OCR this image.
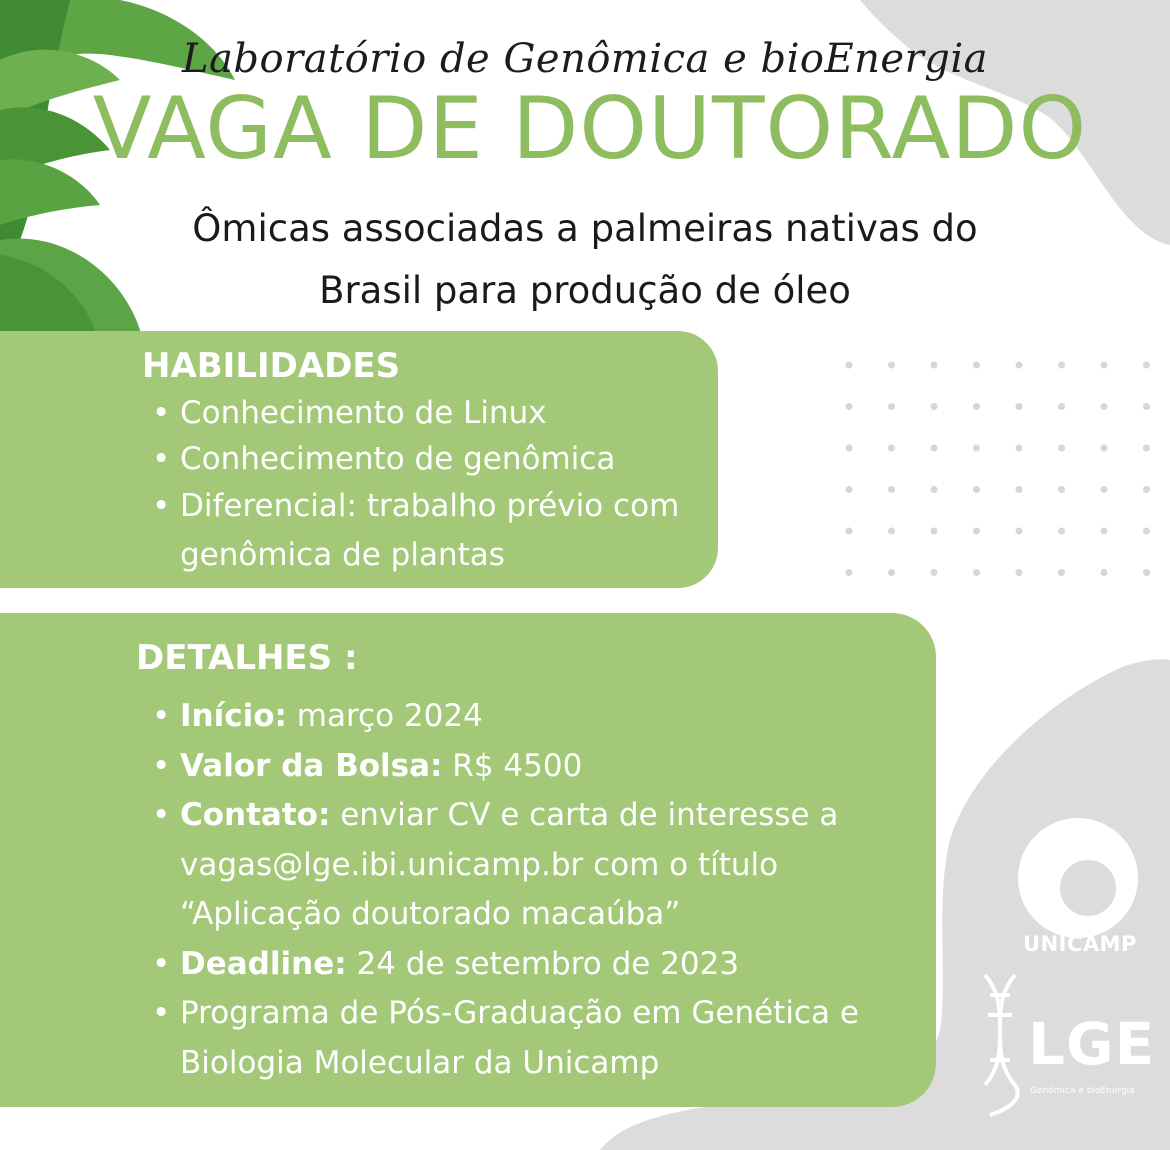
Laboratório de Genômica e bioEnergia
VAGA DE DOUTORADO
Ômicas associadas a palmeiras nativas do
Brasil para produção de óleo
HABILIDADES
• Conhecimento de Linux
• Conhecimento de genômica
• Diferencial: trabalho prévio com genômica de plantas
DETALHES :
• Início: março 2024
• Valor da Bolsa: R$ 4500
• Contato: enviar CV e carta de interesse a vagas@lge.ibi.unicamp.br com o título “Aplicação doutorado macaúba”
• Deadline: 24 de setembro de 2023
• Programa de Pós-Graduação em Genética e Biologia Molecular da Unicamp
UNICAMP
LGE
Genômica e bioEnergia
